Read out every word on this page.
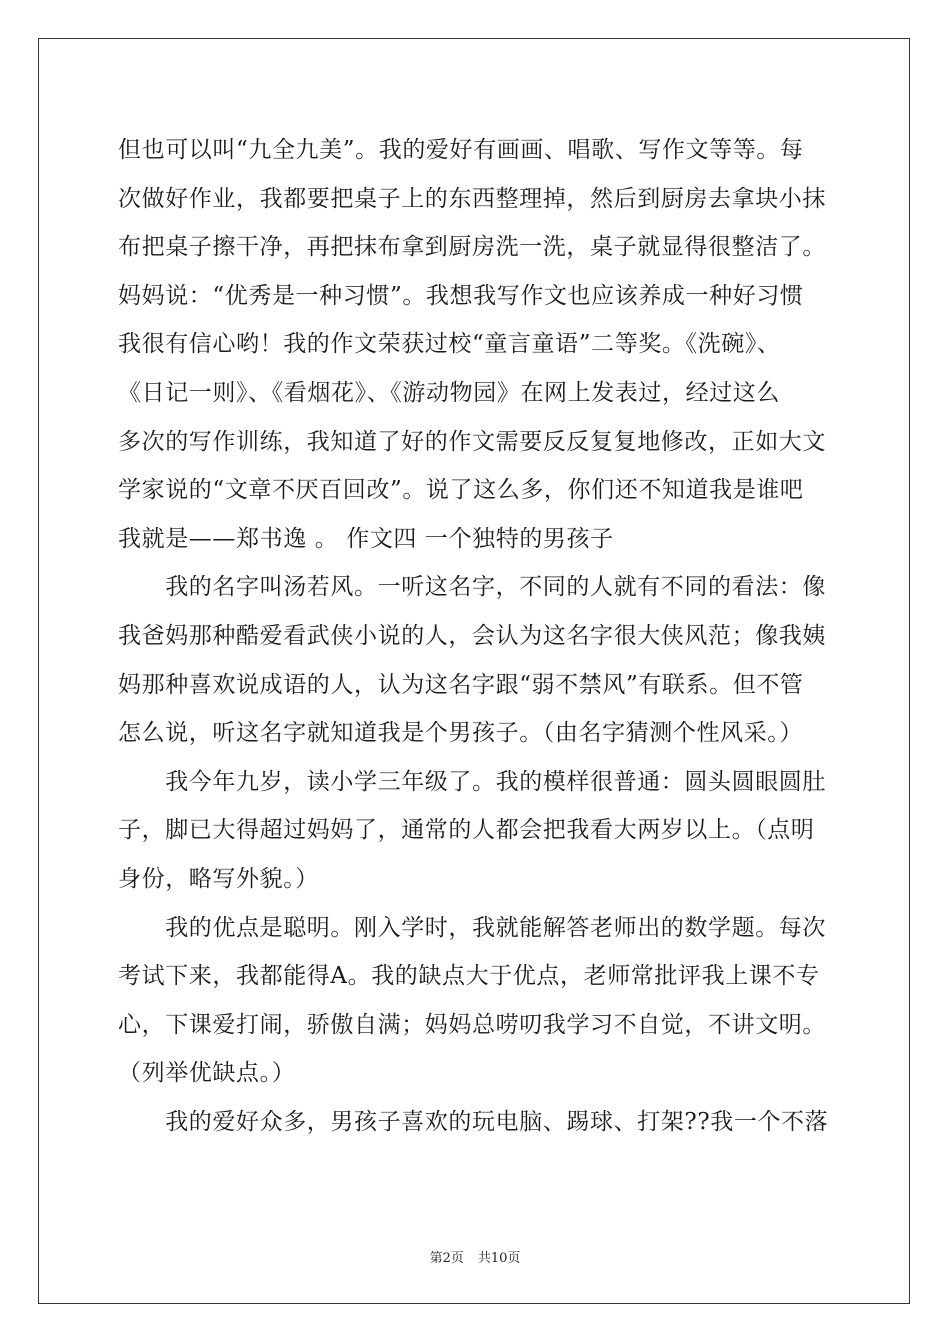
但也可以叫“九全九美”。我的爱好有画画、唱歌、写作文等等。每
次做好作业，我都要把桌子上的东西整理掉，然后到厨房去拿块小抹
布把桌子擦干净，再把抹布拿到厨房洗一洗，桌子就显得很整洁了。
妈妈说：“优秀是一种习惯”。我想我写作文也应该养成一种好习惯
我很有信心哟！我的作文荣获过校“童言童语”二等奖。《洗碗》、
《日记一则》、《看烟花》、《游动物园》在网上发表过，经过这么
多次的写作训练，我知道了好的作文需要反反复复地修改，正如大文
学家说的“文章不厌百回改”。说了这么多，你们还不知道我是谁吧
我就是——郑书逸 。 作文四 一个独特的男孩子
　　我的名字叫汤若风。一听这名字，不同的人就有不同的看法：像
我爸妈那种酷爱看武侠小说的人，会认为这名字很大侠风范；像我姨
妈那种喜欢说成语的人，认为这名字跟“弱不禁风”有联系。但不管
怎么说，听这名字就知道我是个男孩子。（由名字猜测个性风采。）
　　我今年九岁，读小学三年级了。我的模样很普通：圆头圆眼圆肚
子，脚已大得超过妈妈了，通常的人都会把我看大两岁以上。（点明
身份，略写外貌。）
　　我的优点是聪明。刚入学时，我就能解答老师出的数学题。每次
考试下来，我都能得A。我的缺点大于优点，老师常批评我上课不专
心，下课爱打闹，骄傲自满；妈妈总唠叨我学习不自觉，不讲文明。
（列举优缺点。）
　　我的爱好众多，男孩子喜欢的玩电脑、踢球、打架??我一个不落
第2页 共10页
